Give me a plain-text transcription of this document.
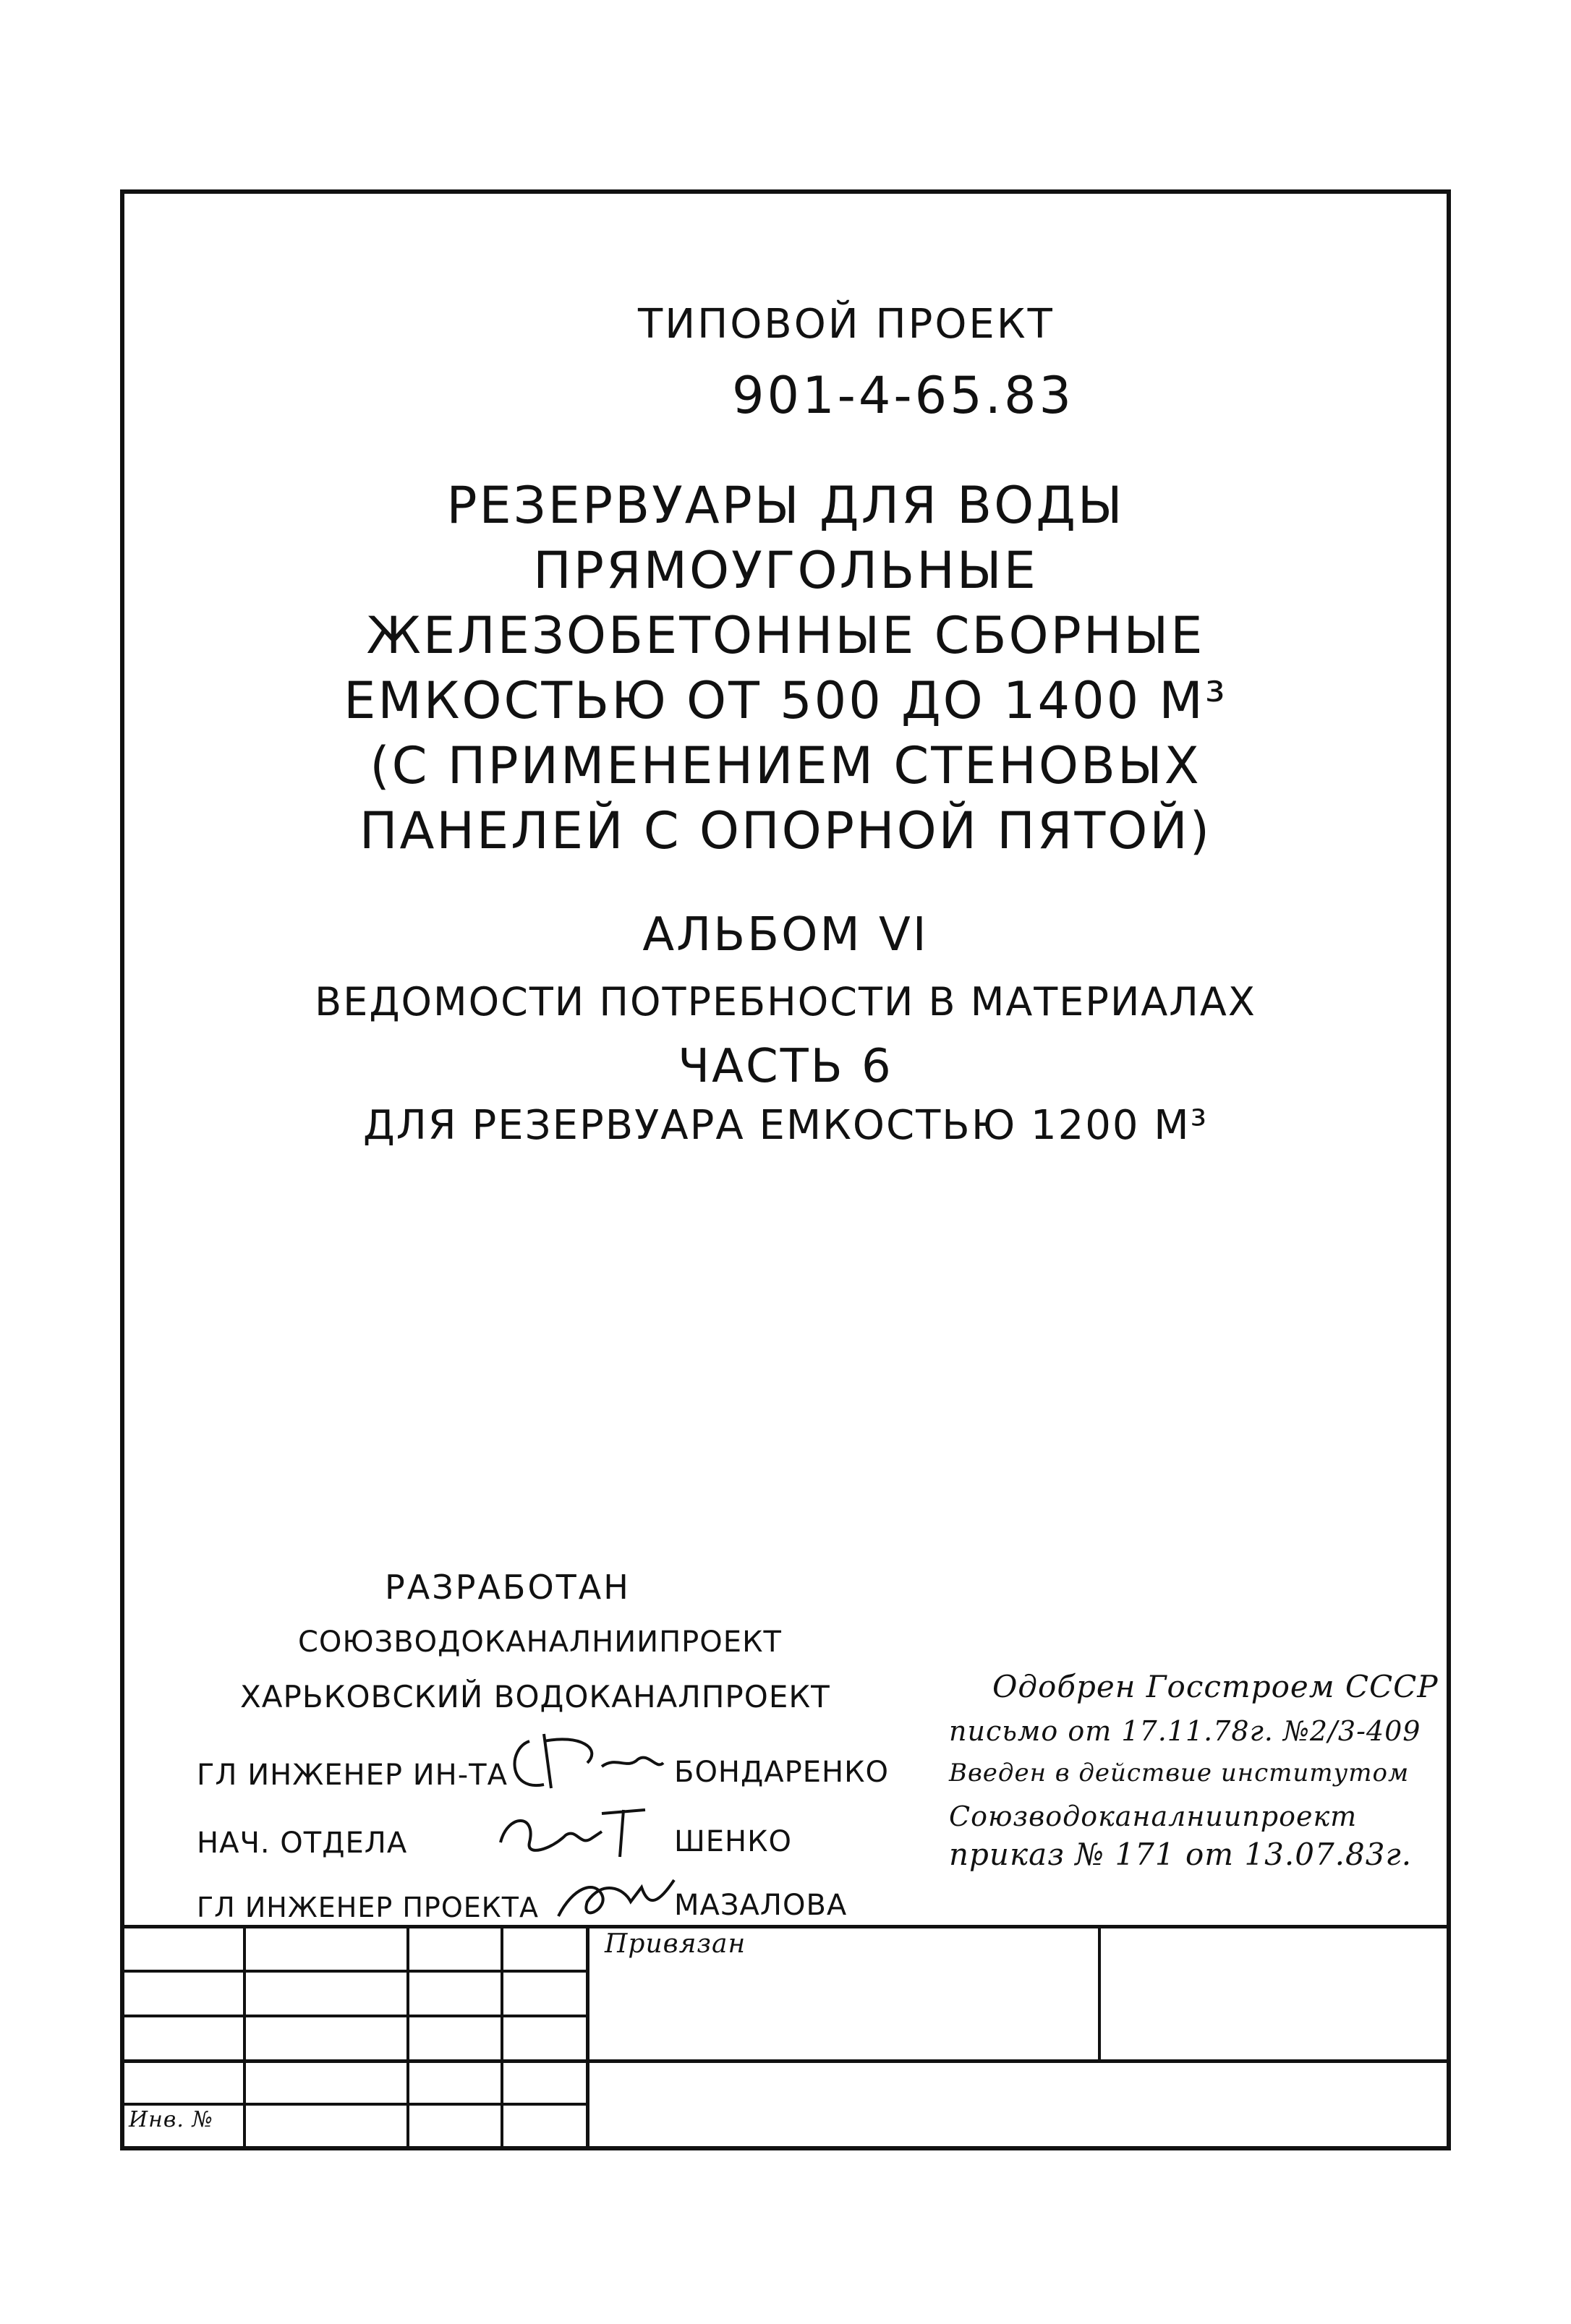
ТИПОВОЙ ПРОЕКТ
901-4-65.83
РЕЗЕРВУАРЫ ДЛЯ ВОДЫ
ПРЯМОУГОЛЬНЫЕ
ЖЕЛЕЗОБЕТОННЫЕ СБОРНЫЕ
ЕМКОСТЬЮ ОТ 500 ДО 1400 М³
(С ПРИМЕНЕНИЕМ СТЕНОВЫХ
ПАНЕЛЕЙ С ОПОРНОЙ ПЯТОЙ)
АЛЬБОМ VI
ВЕДОМОСТИ ПОТРЕБНОСТИ В МАТЕРИАЛАХ
ЧАСТЬ 6
ДЛЯ РЕЗЕРВУАРА ЕМКОСТЬЮ 1200 М³
РАЗРАБОТАН
СОЮЗВОДОКАНАЛНИИПРОЕКТ
ХАРЬКОВСКИЙ ВОДОКАНАЛПРОЕКТ
ГЛ ИНЖЕНЕР ИН-ТА	БОНДАРЕНКО
НАЧ. ОТДЕЛА	ШЕНКО
ГЛ ИНЖЕНЕР ПРОЕКТА	МАЗАЛОВА
Одобрен Госстроем СССР
письмо от 17.11.78г. №2/3-409
Введен в действие институтом
Союзводоканалниипроект
приказ № 171 от 13.07.83г.
Привязан
Инв. №
